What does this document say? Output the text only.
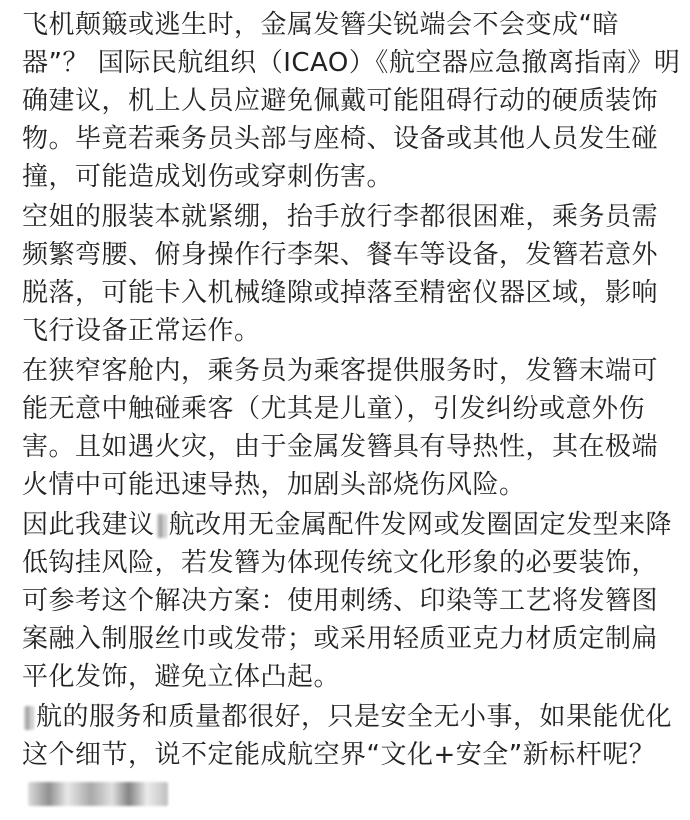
飞机颠簸或逃生时，金属发簪尖锐端会不会变成“暗器”？ 国际民航组织（ICAO）《航空器应急撤离指南》明确建议，机上人员应避免佩戴可能阻碍行动的硬质装饰物。毕竟若乘务员头部与座椅、设备或其他人员发生碰撞，可能造成划伤或穿刺伤害。

空姐的服装本就紧绷，抬手放行李都很困难，乘务员需频繁弯腰、俯身操作行李架、餐车等设备，发簪若意外脱落，可能卡入机械缝隙或掉落至精密仪器区域，影响飞行设备正常运作。

在狭窄客舱内，乘务员为乘客提供服务时，发簪末端可能无意中触碰乘客（尤其是儿童），引发纠纷或意外伤害。且如遇火灾，由于金属发簪具有导热性，其在极端火情中可能迅速导热，加剧头部烧伤风险。

因此我建议 航改用无金属配件发网或发圈固定发型来降低钩挂风险，若发簪为体现传统文化形象的必要装饰，可参考这个解决方案：使用刺绣、印染等工艺将发簪图案融入制服丝巾或发带；或采用轻质亚克力材质定制扁平化发饰，避免立体凸起。

航的服务和质量都很好，只是安全无小事，如果能优化这个细节，说不定能成航空界“文化+安全”新标杆呢？
